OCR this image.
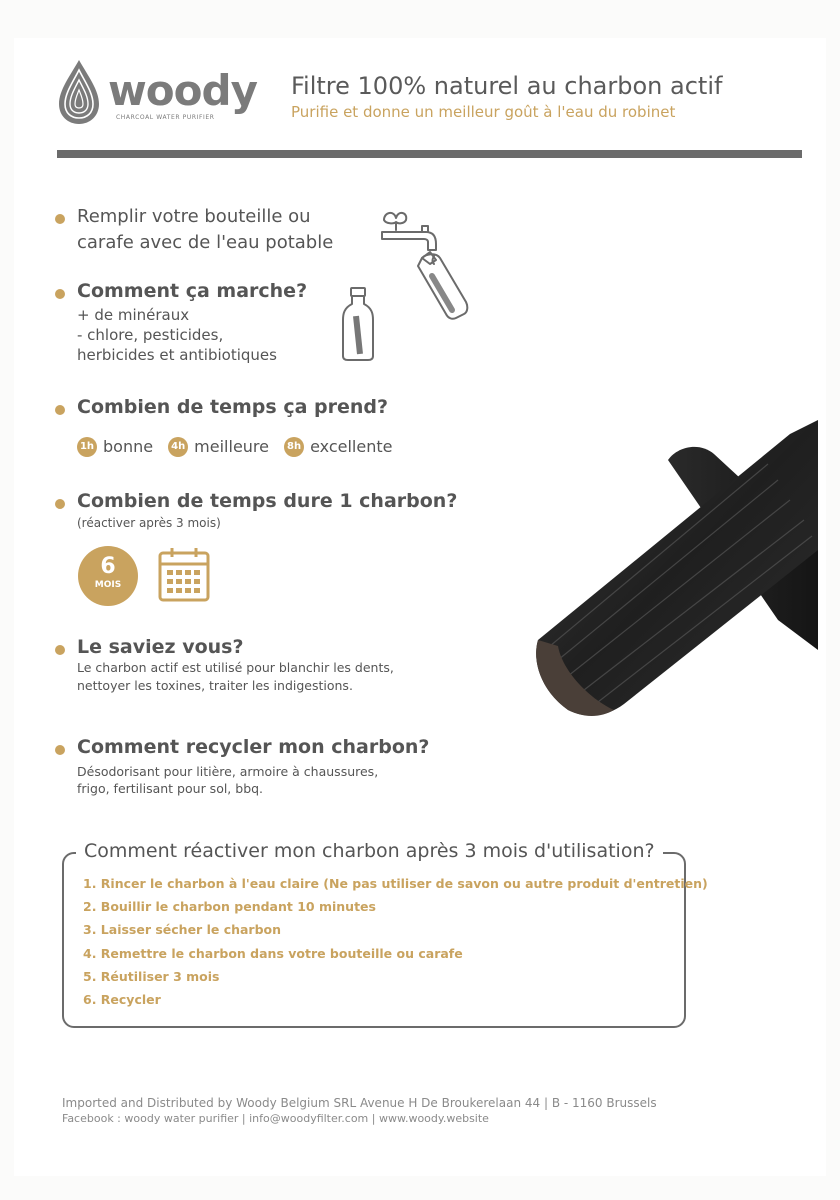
woody
CHARCOAL WATER PURIFIER
Filtre 100% naturel au charbon actif
Purifie et donne un meilleur goût à l'eau du robinet
Remplir votre bouteille ou
carafe avec de l'eau potable
Comment ça marche?
+ de minéraux
- chlore, pesticides,
herbicides et antibiotiques
Combien de temps ça prend?
1h bonne 4h meilleure 8h excellente
Combien de temps dure 1 charbon?
(réactiver après 3 mois)
6
MOIS
Le saviez vous?
Le charbon actif est utilisé pour blanchir les dents,
nettoyer les toxines, traiter les indigestions.
Comment recycler mon charbon?
Désodorisant pour litière, armoire à chaussures,
frigo, fertilisant pour sol, bbq.
Comment réactiver mon charbon après 3 mois d'utilisation?
1. Rincer le charbon à l'eau claire (Ne pas utiliser de savon ou autre produit d'entretien)
2. Bouillir le charbon pendant 10 minutes
3. Laisser sécher le charbon
4. Remettre le charbon dans votre bouteille ou carafe
5. Réutiliser 3 mois
6. Recycler
Imported and Distributed by Woody Belgium SRL Avenue H De Broukerelaan 44 | B - 1160 Brussels
Facebook : woody water purifier | info@woodyfilter.com | www.woody.website
